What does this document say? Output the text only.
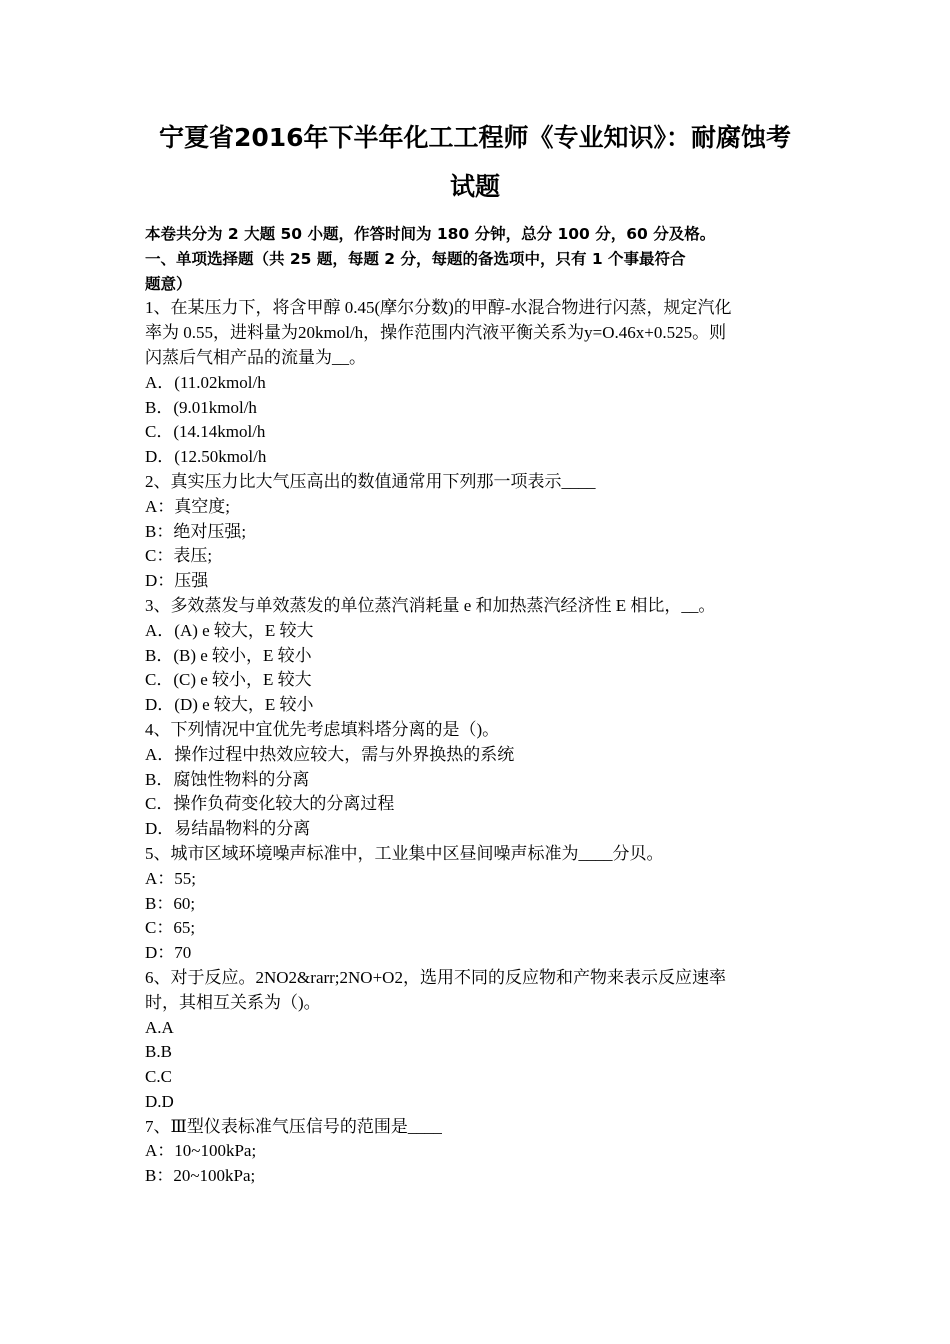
宁夏省2016年下半年化工工程师《专业知识》：耐腐蚀考
试题
本卷共分为 2 大题 50 小题，作答时间为 180 分钟，总分 100 分，60 分及格。
一、单项选择题（共 25 题，每题 2 分，每题的备选项中，只有 1 个事最符合
题意）
1、在某压力下，将含甲醇 0.45(摩尔分数)的甲醇-水混合物进行闪蒸，规定汽化
率为 0.55，进料量为20kmol/h，操作范围内汽液平衡关系为y=O.46x+0.525。则
闪蒸后气相产品的流量为__。
A．(11.02kmol/h
B．(9.01kmol/h
C．(14.14kmol/h
D．(12.50kmol/h
2、真实压力比大气压高出的数值通常用下列那一项表示____
A：真空度;
B：绝对压强;
C：表压;
D：压强
3、多效蒸发与单效蒸发的单位蒸汽消耗量 e 和加热蒸汽经济性 E 相比，__。
A．(A) e 较大，E 较大
B．(B) e 较小，E 较小
C．(C) e 较小，E 较大
D．(D) e 较大，E 较小
4、下列情况中宜优先考虑填料塔分离的是（)。
A．操作过程中热效应较大，需与外界换热的系统
B．腐蚀性物料的分离
C．操作负荷变化较大的分离过程
D．易结晶物料的分离
5、城市区域环境噪声标准中，工业集中区昼间噪声标准为____分贝。
A：55;
B：60;
C：65;
D：70
6、对于反应。2NO2&rarr;2NO+O2，选用不同的反应物和产物来表示反应速率
时，其相互关系为（)。
A.A
B.B
C.C
D.D
7、Ⅲ型仪表标准气压信号的范围是____
A：10~100kPa;
B：20~100kPa;
